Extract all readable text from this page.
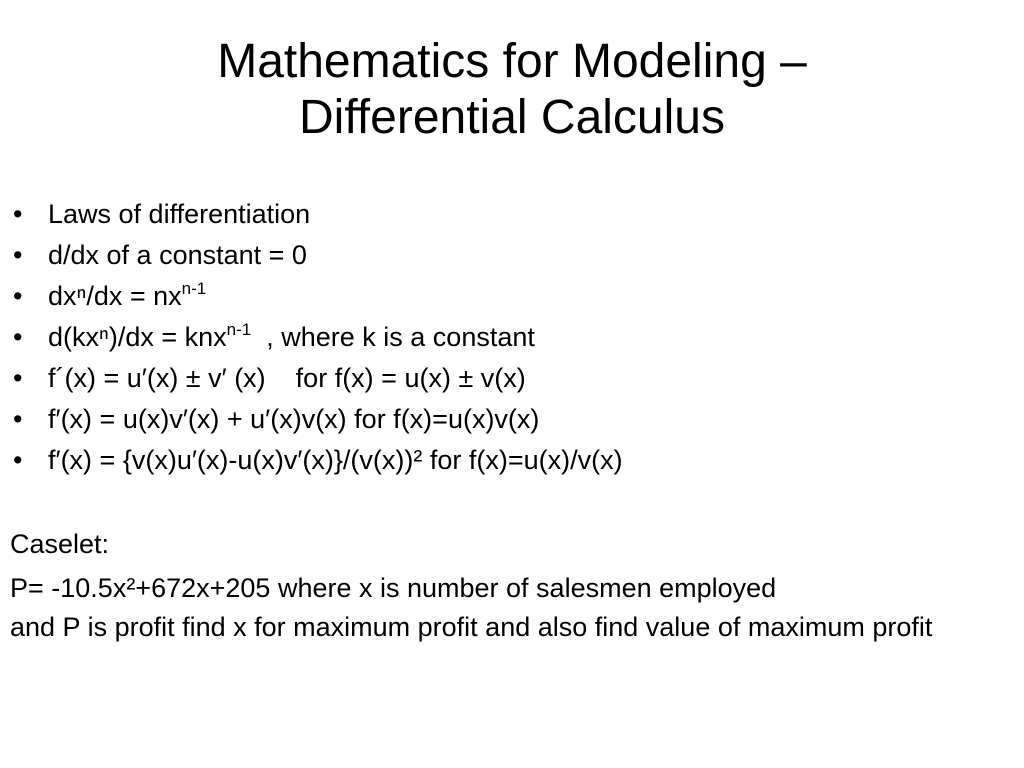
Mathematics for Modeling –
Differential Calculus
• Laws of differentiation
• d/dx of a constant = 0
• $dx^n/dx = nx^{n-1}$
• d(kxⁿ)/dx = knx$^{n-1}$  , where k is a constant
• f´(x) = u′(x) ± v′ (x)    for f(x) = u(x) ± v(x)
• f′(x) = u(x)v′(x) + u′(x)v(x) for f(x)=u(x)v(x)
• f′(x) = {v(x)u′(x)-u(x)v′(x)}/(v(x))² for f(x)=u(x)/v(x)
Caselet:
P= -10.5x²+672x+205 where x is number of salesmen employed
and P is profit find x for maximum profit and also find value of maximum profit
